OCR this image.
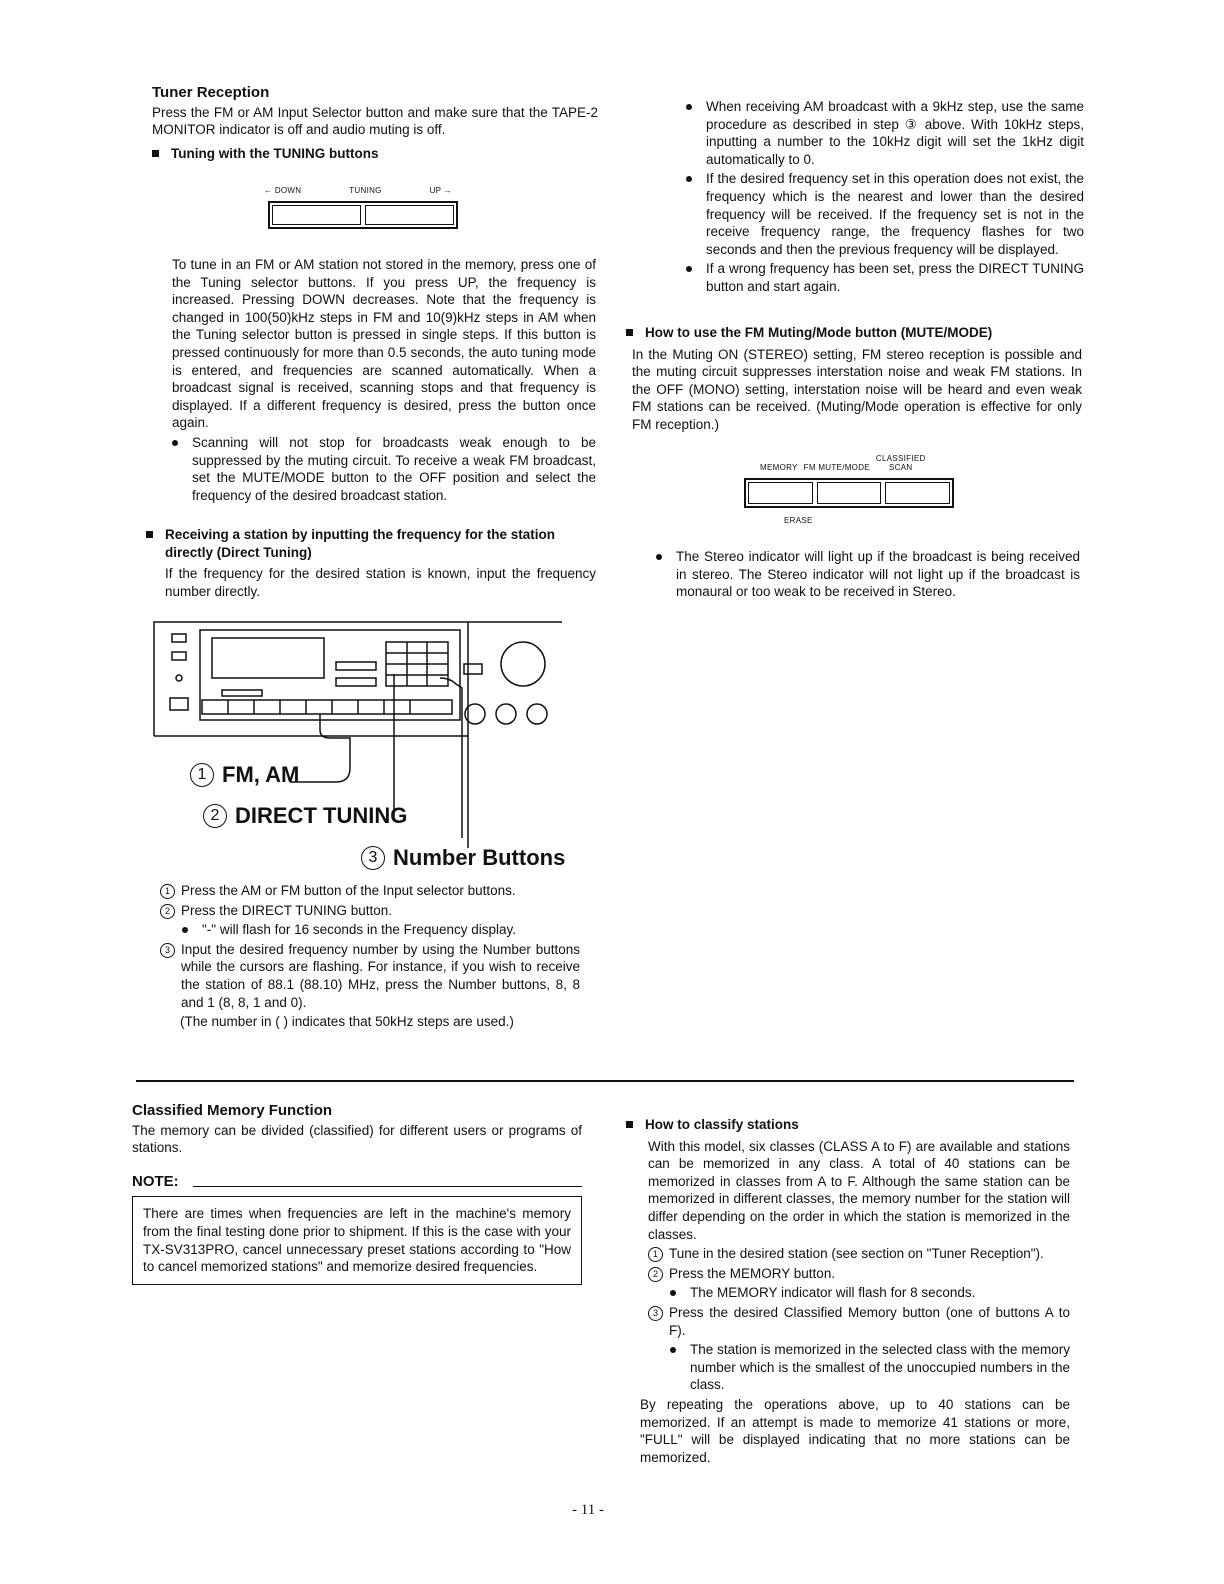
Tuner Reception

Press the FM or AM Input Selector button and make sure that the TAPE-2 MONITOR indicator is off and audio muting is off.

Tuning with the TUNING buttons
← DOWN	TUNING	UP →

To tune in an FM or AM station not stored in the memory, press one of the Tuning selector buttons. If you press UP, the frequency is increased. Pressing DOWN decreases. Note that the frequency is changed in 100(50)kHz steps in FM and 10(9)kHz steps in AM when the Tuning selector button is pressed in single steps. If this button is pressed continuously for more than 0.5 seconds, the auto tuning mode is entered, and frequencies are scanned automatically. When a broadcast signal is received, scanning stops and that frequency is displayed. If a different frequency is desired, press the button once again.

Scanning will not stop for broadcasts weak enough to be suppressed by the muting circuit. To receive a weak FM broadcast, set the MUTE/MODE button to the OFF position and select the frequency of the desired broadcast station.

Receiving a station by inputting the frequency for the station directly (Direct Tuning)

If the frequency for the desired station is known, input the frequency number directly.

1 FM, AM
2 DIRECT TUNING
3 Number Buttons
1 Press the AM or FM button of the Input selector buttons.

2 Press the DIRECT TUNING button.

"-" will flash for 16 seconds in the Frequency display.

3 Input the desired frequency number by using the Number buttons while the cursors are flashing. For instance, if you wish to receive the station of 88.1 (88.10) MHz, press the Number buttons, 8, 8 and 1 (8, 8, 1 and 0).

(The number in ( ) indicates that 50kHz steps are used.)

When receiving AM broadcast with a 9kHz step, use the same procedure as described in step ③ above. With 10kHz steps, inputting a number to the 10kHz digit will set the 1kHz digit automatically to 0.

If the desired frequency set in this operation does not exist, the frequency which is the nearest and lower than the desired frequency will be received. If the frequency set is not in the receive frequency range, the frequency flashes for two seconds and then the previous frequency will be displayed.

If a wrong frequency has been set, press the DIRECT TUNING button and start again.

How to use the FM Muting/Mode button (MUTE/MODE)

In the Muting ON (STEREO) setting, FM stereo reception is possible and the muting circuit suppresses interstation noise and weak FM stations. In the OFF (MONO) setting, interstation noise will be heard and even weak FM stations can be received. (Muting/Mode operation is effective for only FM reception.)

MEMORY FM MUTE/MODE
CLASSIFIED
SCAN
ERASE

The Stereo indicator will light up if the broadcast is being received in stereo. The Stereo indicator will not light up if the broadcast is monaural or too weak to be received in Stereo.

Classified Memory Function

The memory can be divided (classified) for different users or programs of stations.

NOTE:

There are times when frequencies are left in the machine's memory from the final testing done prior to shipment. If this is the case with your TX-SV313PRO, cancel unnecessary preset stations according to "How to cancel memorized stations" and memorize desired frequencies.

How to classify stations

With this model, six classes (CLASS A to F) are available and stations can be memorized in any class. A total of 40 stations can be memorized in classes from A to F. Although the same station can be memorized in different classes, the memory number for the station will differ depending on the order in which the station is memorized in the classes.

1 Tune in the desired station (see section on "Tuner Reception").

2 Press the MEMORY button.

The MEMORY indicator will flash for 8 seconds.

3 Press the desired Classified Memory button (one of buttons A to F).

The station is memorized in the selected class with the memory number which is the smallest of the unoccupied numbers in the class.

By repeating the operations above, up to 40 stations can be memorized. If an attempt is made to memorize 41 stations or more, "FULL" will be displayed indicating that no more stations can be memorized.

- 11 -
